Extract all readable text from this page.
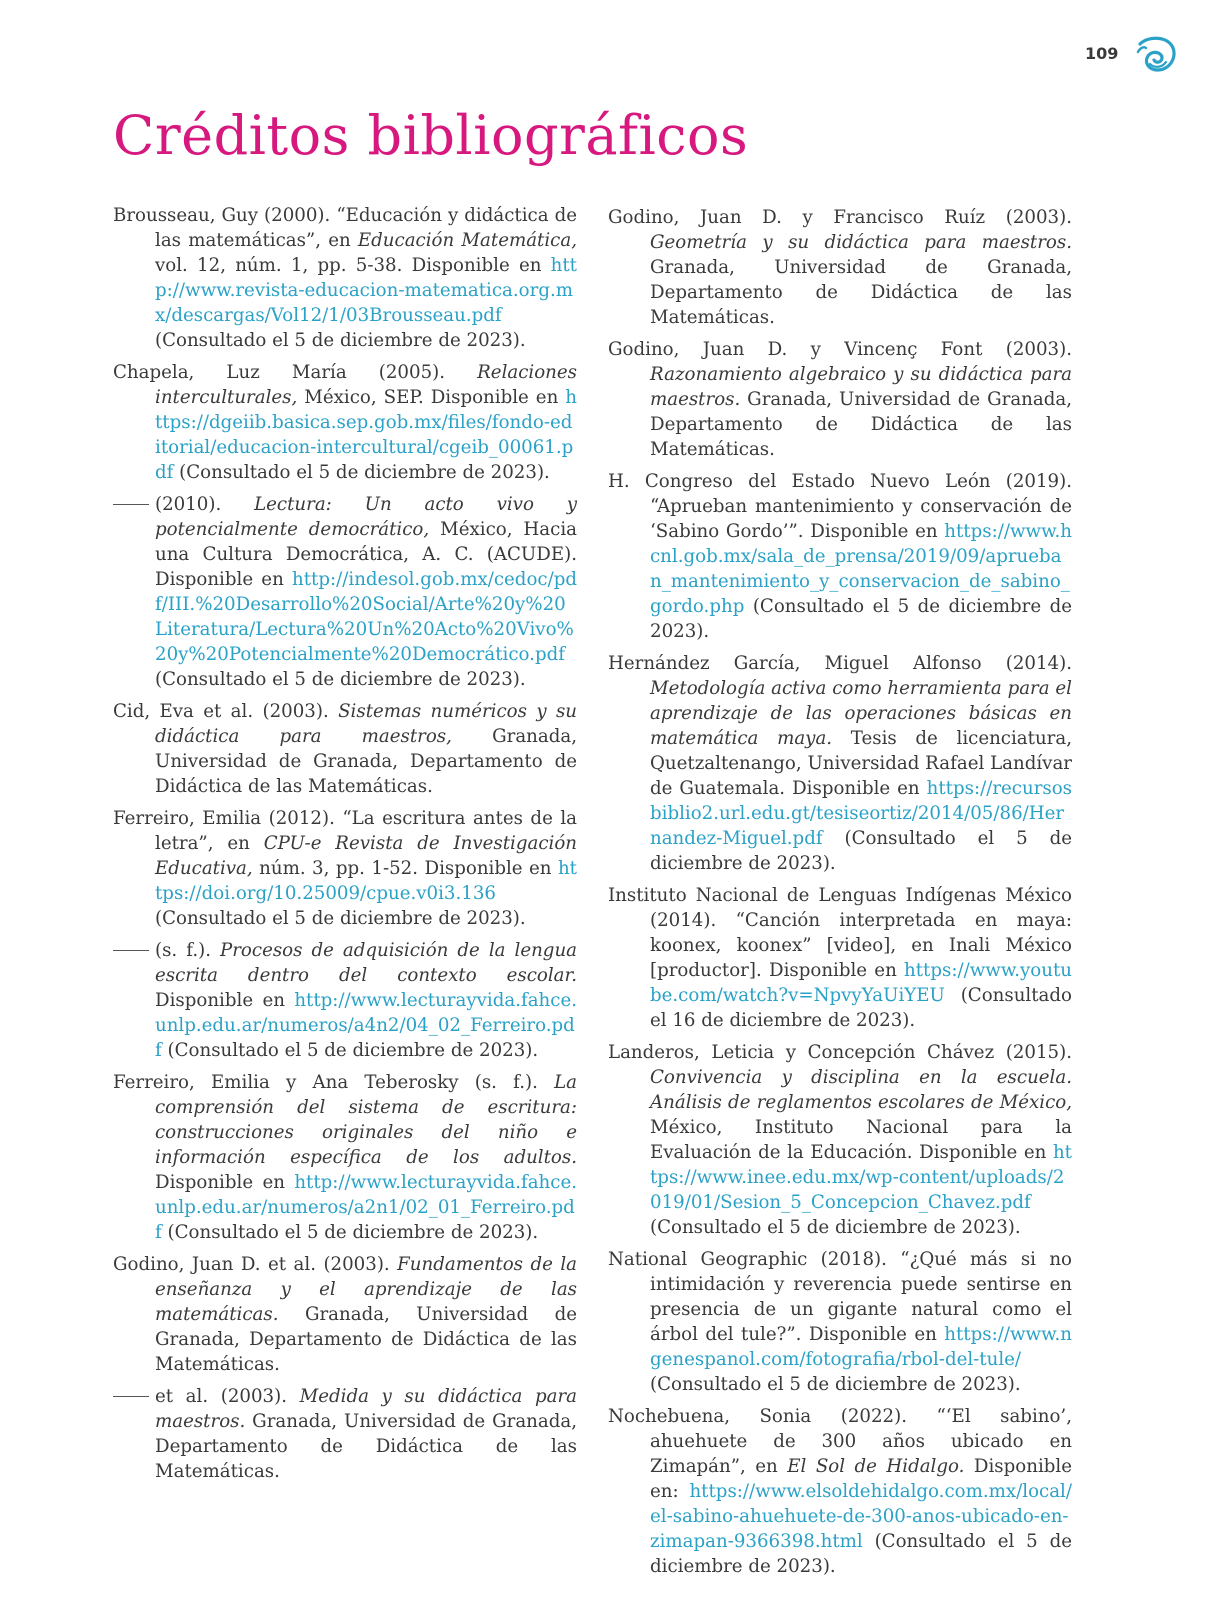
109
Créditos bibliográficos

Brousseau, Guy (2000). “Educación y didáctica de las matemáticas”, en Educación Matemática, vol. 12, núm. 1, pp. 5-38. Disponible en http://www.revista-educacion-matematica.org.mx/descargas/Vol12/1/03Brousseau.pdf (Consultado el 5 de diciembre de 2023).

Chapela, Luz María (2005). Relaciones interculturales, México, SEP. Disponible en https://dgeiib.basica.sep.gob.mx/files/fondo-editorial/educacion-intercultural/cgeib_00061.pdf (Consultado el 5 de diciembre de 2023).

(2010). Lectura: Un acto vivo y potencialmente democrático, México, Hacia una Cultura Democrática, A. C. (ACUDE). Disponible en http://indesol.gob.mx/cedoc/pdf/III.%20Desarrollo%20Social/Arte%20y%20Literatura/Lectura%20Un%20Acto%20Vivo%20y%20Potencialmente%20Democrático.pdf (Consultado el 5 de diciembre de 2023).

Cid, Eva et al. (2003). Sistemas numéricos y su didáctica para maestros, Granada, Universidad de Granada, Departamento de Didáctica de las Matemáticas.

Ferreiro, Emilia (2012). “La escritura antes de la letra”, en CPU-e Revista de Investigación Educativa, núm. 3, pp. 1-52. Disponible en https://doi.org/10.25009/cpue.v0i3.136 (Consultado el 5 de diciembre de 2023).

(s. f.). Procesos de adquisición de la lengua escrita dentro del contexto escolar. Disponible en http://www.lecturayvida.fahce.unlp.edu.ar/numeros/a4n2/04_02_Ferreiro.pdf (Consultado el 5 de diciembre de 2023).

Ferreiro, Emilia y Ana Teberosky (s. f.). La comprensión del sistema de escritura: construcciones originales del niño e información específica de los adultos. Disponible en http://www.lecturayvida.fahce.unlp.edu.ar/numeros/a2n1/02_01_Ferreiro.pdf (Consultado el 5 de diciembre de 2023).

Godino, Juan D. et al. (2003). Fundamentos de la enseñanza y el aprendizaje de las matemáticas. Granada, Universidad de Granada, Departamento de Didáctica de las Matemáticas.

et al. (2003). Medida y su didáctica para maestros. Granada, Universidad de Granada, Departamento de Didáctica de las Matemáticas.

Godino, Juan D. y Francisco Ruíz (2003). Geometría y su didáctica para maestros. Granada, Universidad de Granada, Departamento de Didáctica de las Matemáticas.

Godino, Juan D. y Vincenç Font (2003). Razonamiento algebraico y su didáctica para maestros. Granada, Universidad de Granada, Departamento de Didáctica de las Matemáticas.

H. Congreso del Estado Nuevo León (2019). “Aprueban mantenimiento y conservación de ‘Sabino Gordo’”. Disponible en https://www.hcnl.gob.mx/sala_de_prensa/2019/09/aprueban_mantenimiento_y_conservacion_de_sabino_gordo.php (Consultado el 5 de diciembre de 2023).

Hernández García, Miguel Alfonso (2014). Metodología activa como herramienta para el aprendizaje de las operaciones básicas en matemática maya. Tesis de licenciatura, Quetzaltenango, Universidad Rafael Landívar de Guatemala. Disponible en https://recursosbiblio2.url.edu.gt/tesiseortiz/2014/05/86/Hernandez-Miguel.pdf (Consultado el 5 de diciembre de 2023).

Instituto Nacional de Lenguas Indígenas México (2014). “Canción interpretada en maya: koonex, koonex” [video], en Inali México [productor]. Disponible en https://www.youtube.com/watch?v=NpvyYaUiYEU (Consultado el 16 de diciembre de 2023).

Landeros, Leticia y Concepción Chávez (2015). Convivencia y disciplina en la escuela. Análisis de reglamentos escolares de México, México, Instituto Nacional para la Evaluación de la Educación. Disponible en https://www.inee.edu.mx/wp-content/uploads/2019/01/Sesion_5_Concepcion_Chavez.pdf (Consultado el 5 de diciembre de 2023).

National Geographic (2018). “¿Qué más si no intimidación y reverencia puede sentirse en presencia de un gigante natural como el árbol del tule?”. Disponible en https://www.ngenespanol.com/fotografia/rbol-del-tule/ (Consultado el 5 de diciembre de 2023).

Nochebuena, Sonia (2022). “‘El sabino’, ahuehuete de 300 años ubicado en Zimapán”, en El Sol de Hidalgo. Disponible en: https://www.elsoldehidalgo.com.mx/local/el-sabino-ahuehuete-de-300-anos-ubicado-en-zimapan-9366398.html (Consultado el 5 de diciembre de 2023).
